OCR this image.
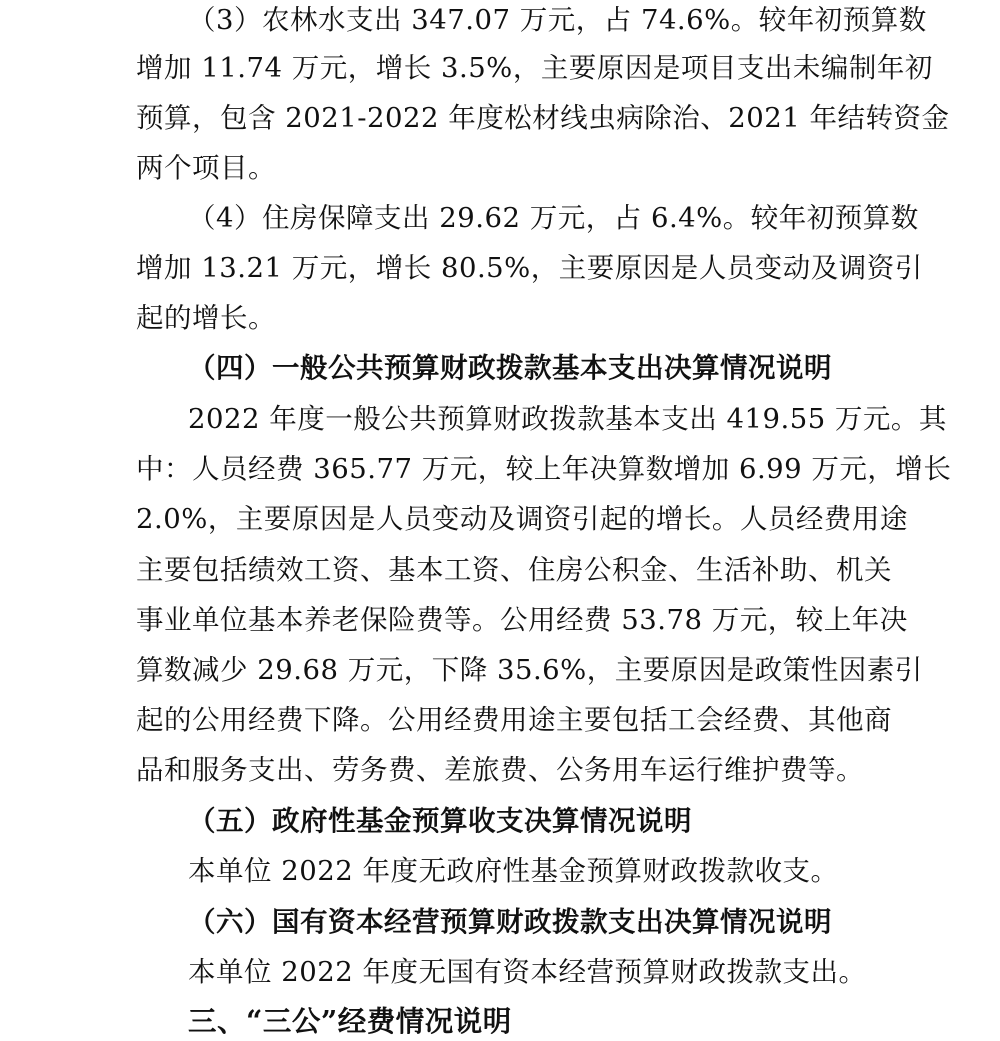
（3）农林水支出 347.07 万元，占 74.6%。较年初预算数
增加 11.74 万元，增长 3.5%，主要原因是项目支出未编制年初
预算，包含 2021-2022 年度松材线虫病除治、2021 年结转资金
两个项目。
（4）住房保障支出 29.62 万元，占 6.4%。较年初预算数
增加 13.21 万元，增长 80.5%，主要原因是人员变动及调资引
起的增长。
（四）一般公共预算财政拨款基本支出决算情况说明
2022 年度一般公共预算财政拨款基本支出 419.55 万元。其
中：人员经费 365.77 万元，较上年决算数增加 6.99 万元，增长
2.0%，主要原因是人员变动及调资引起的增长。人员经费用途
主要包括绩效工资、基本工资、住房公积金、生活补助、机关
事业单位基本养老保险费等。公用经费 53.78 万元，较上年决
算数减少 29.68 万元，下降 35.6%，主要原因是政策性因素引
起的公用经费下降。公用经费用途主要包括工会经费、其他商
品和服务支出、劳务费、差旅费、公务用车运行维护费等。
（五）政府性基金预算收支决算情况说明
本单位 2022 年度无政府性基金预算财政拨款收支。
（六）国有资本经营预算财政拨款支出决算情况说明
本单位 2022 年度无国有资本经营预算财政拨款支出。
三、“三公”经费情况说明
